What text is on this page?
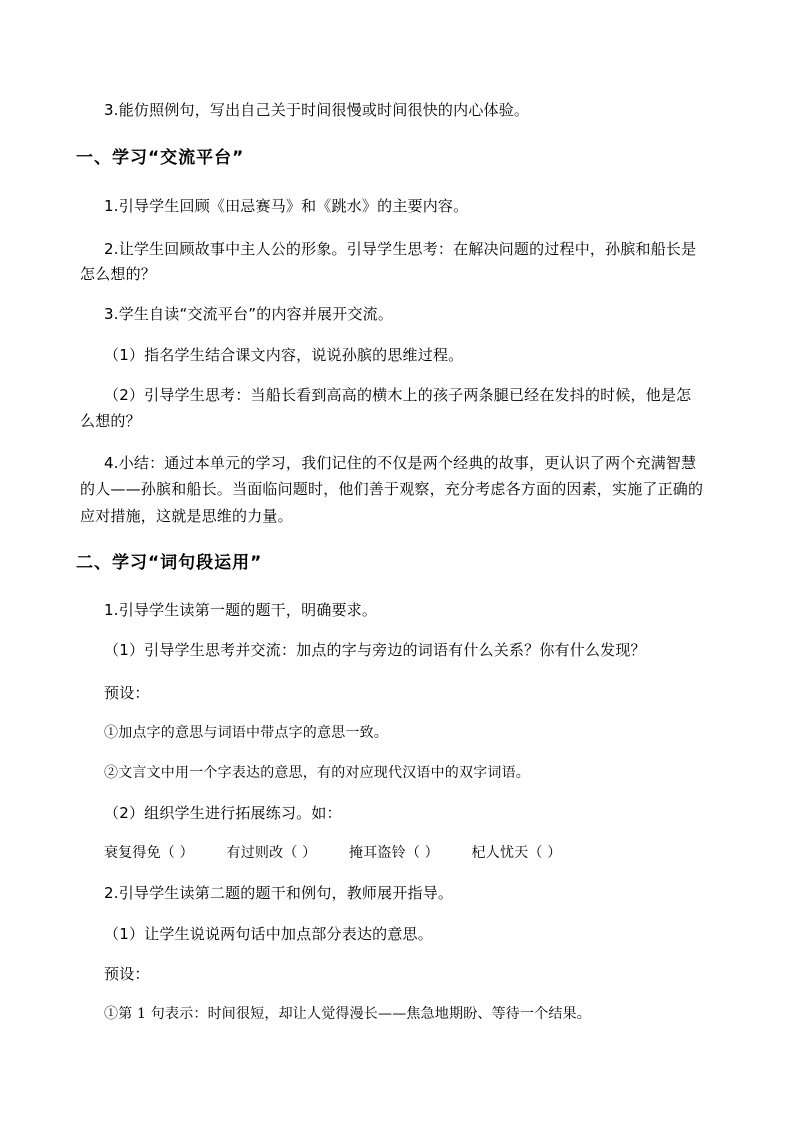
3.能仿照例句，写出自己关于时间很慢或时间很快的内心体验。
一、学习“交流平台”
1.引导学生回顾《田忌赛马》和《跳水》的主要内容。
2.让学生回顾故事中主人公的形象。引导学生思考：在解决问题的过程中，孙膑和船长是
怎么想的？
3.学生自读“交流平台”的内容并展开交流。
（1）指名学生结合课文内容，说说孙膑的思维过程。
（2）引导学生思考：当船长看到高高的横木上的孩子两条腿已经在发抖的时候，他是怎
么想的？
4.小结：通过本单元的学习，我们记住的不仅是两个经典的故事，更认识了两个充满智慧
的人——孙膑和船长。当面临问题时，他们善于观察，充分考虑各方面的因素，实施了正确的
应对措施，这就是思维的力量。
二、学习“词句段运用”
1.引导学生读第一题的题干，明确要求。
（1）引导学生思考并交流：加点的字与旁边的词语有什么关系？你有什么发现？
预设：
①加点字的意思与词语中带点字的意思一致。
②文言文中用一个字表达的意思，有的对应现代汉语中的双字词语。
（2）组织学生进行拓展练习。如：
衰复得免（ ） 有过则改（ ） 掩耳盗铃（ ） 杞人忧天（ ）
2.引导学生读第二题的题干和例句，教师展开指导。
（1）让学生说说两句话中加点部分表达的意思。
预设：
①第 1 句表示：时间很短，却让人觉得漫长——焦急地期盼、等待一个结果。
